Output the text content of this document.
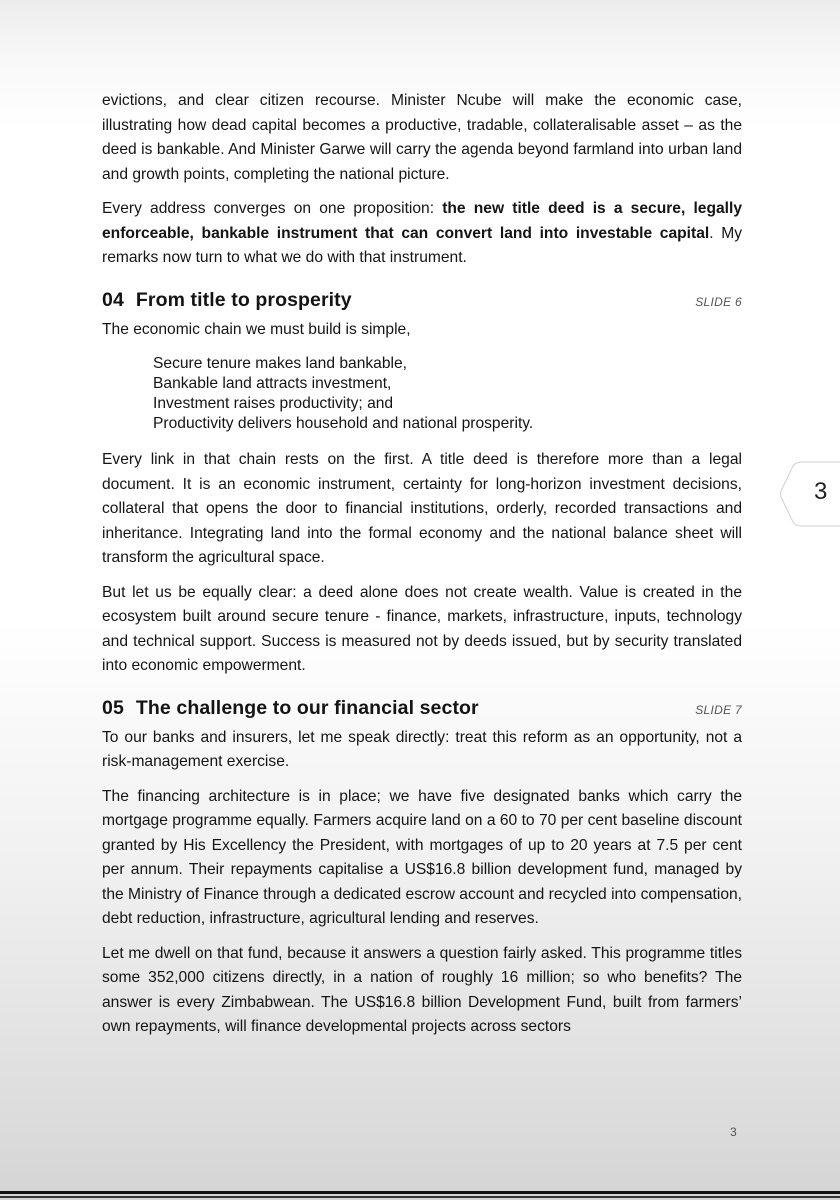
evictions, and clear citizen recourse. Minister Ncube will make the economic case, illustrating how dead capital becomes a productive, tradable, collateralisable asset – as the deed is bankable. And Minister Garwe will carry the agenda beyond farmland into urban land and growth points, completing the national picture.

Every address converges on one proposition: the new title deed is a secure, legally enforceable, bankable instrument that can convert land into investable capital. My remarks now turn to what we do with that instrument.

04 From title to prosperity	SLIDE 6

The economic chain we must build is simple,

Secure tenure makes land bankable,
Bankable land attracts investment,
Investment raises productivity; and
Productivity delivers household and national prosperity.

Every link in that chain rests on the first. A title deed is therefore more than a legal document. It is an economic instrument, certainty for long-horizon investment decisions, collateral that opens the door to financial institutions, orderly, recorded transactions and inheritance. Integrating land into the formal economy and the national balance sheet will transform the agricultural space.

But let us be equally clear: a deed alone does not create wealth. Value is created in the ecosystem built around secure tenure - finance, markets, infrastructure, inputs, technology and technical support. Success is measured not by deeds issued, but by security translated into economic empowerment.

05 The challenge to our financial sector	SLIDE 7

To our banks and insurers, let me speak directly: treat this reform as an opportunity, not a risk-management exercise.

The financing architecture is in place; we have five designated banks which carry the mortgage programme equally. Farmers acquire land on a 60 to 70 per cent baseline discount granted by His Excellency the President, with mortgages of up to 20 years at 7.5 per cent per annum. Their repayments capitalise a US$16.8 billion development fund, managed by the Ministry of Finance through a dedicated escrow account and recycled into compensation, debt reduction, infrastructure, agricultural lending and reserves.

Let me dwell on that fund, because it answers a question fairly asked. This programme titles some 352,000 citizens directly, in a nation of roughly 16 million; so who benefits? The answer is every Zimbabwean. The US$16.8 billion Development Fund, built from farmers’ own repayments, will finance developmental projects across sectors

3
3
